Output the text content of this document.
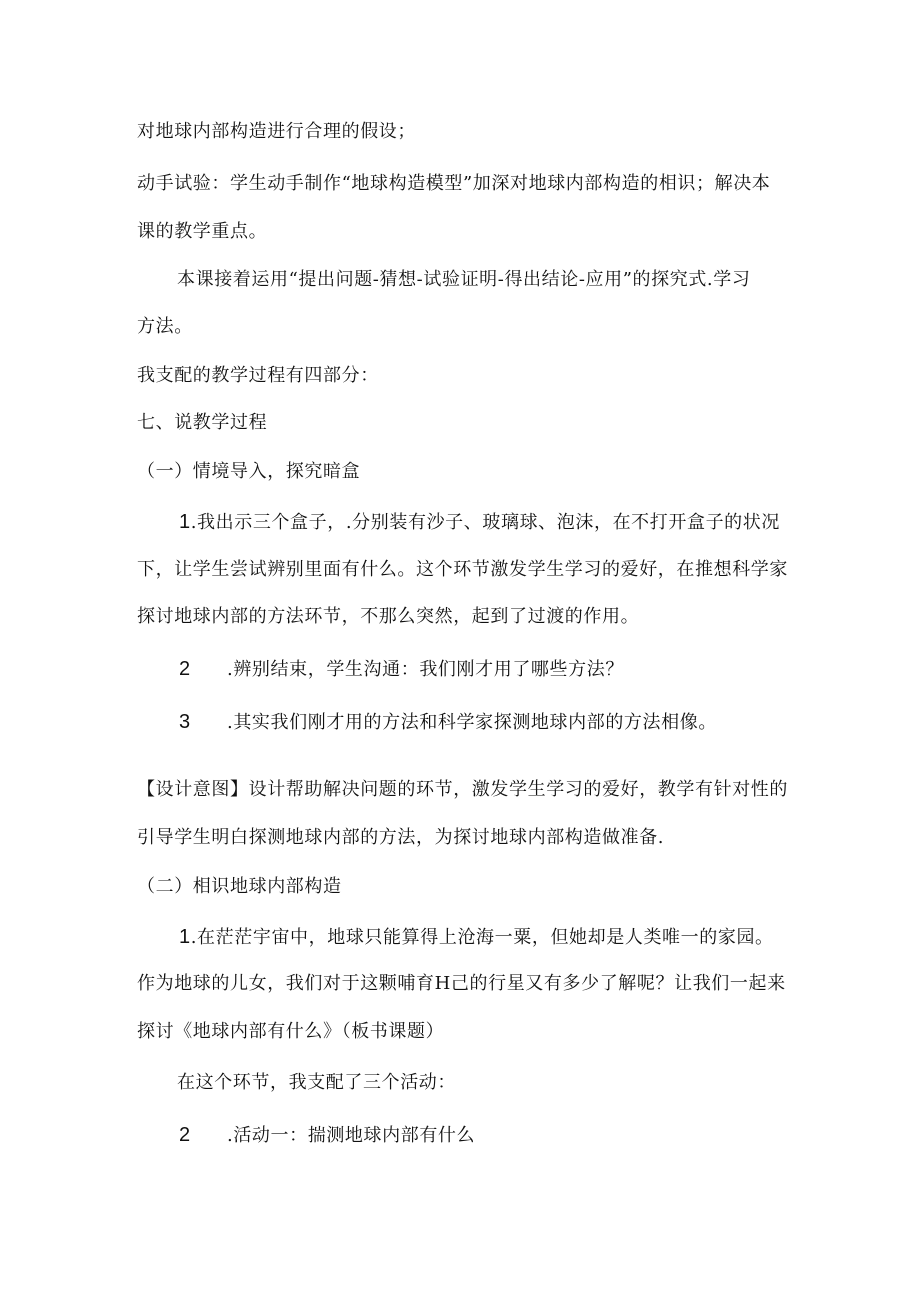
对地球内部构造进行合理的假设；
动手试验：学生动手制作“地球构造模型”加深对地球内部构造的相识；解决本
课的教学重点。
本课接着运用“提出问题-猜想-试验证明-得出结论-应用”的探究式.学习
方法。
我支配的教学过程有四部分：
七、说教学过程
（一）情境导入，探究暗盒
1.我出示三个盒子，.分别装有沙子、玻璃球、泡沫，在不打开盒子的状况
下，让学生尝试辨别里面有什么。这个环节激发学生学习的爱好，在推想科学家
探讨地球内部的方法环节，不那么突然，起到了过渡的作用。
2 .辨别结束，学生沟通：我们刚才用了哪些方法？
3 .其实我们刚才用的方法和科学家探测地球内部的方法相像。
【设计意图】设计帮助解决问题的环节，激发学生学习的爱好，教学有针对性的
引导学生明白探测地球内部的方法，为探讨地球内部构造做准备.
（二）相识地球内部构造
1.在茫茫宇宙中，地球只能算得上沧海一粟，但她却是人类唯一的家园。
作为地球的儿女，我们对于这颗哺育H己的行星又有多少了解呢？让我们一起来
探讨《地球内部有什么》（板书课题）
在这个环节，我支配了三个活动：
2 .活动一：揣测地球内部有什么
